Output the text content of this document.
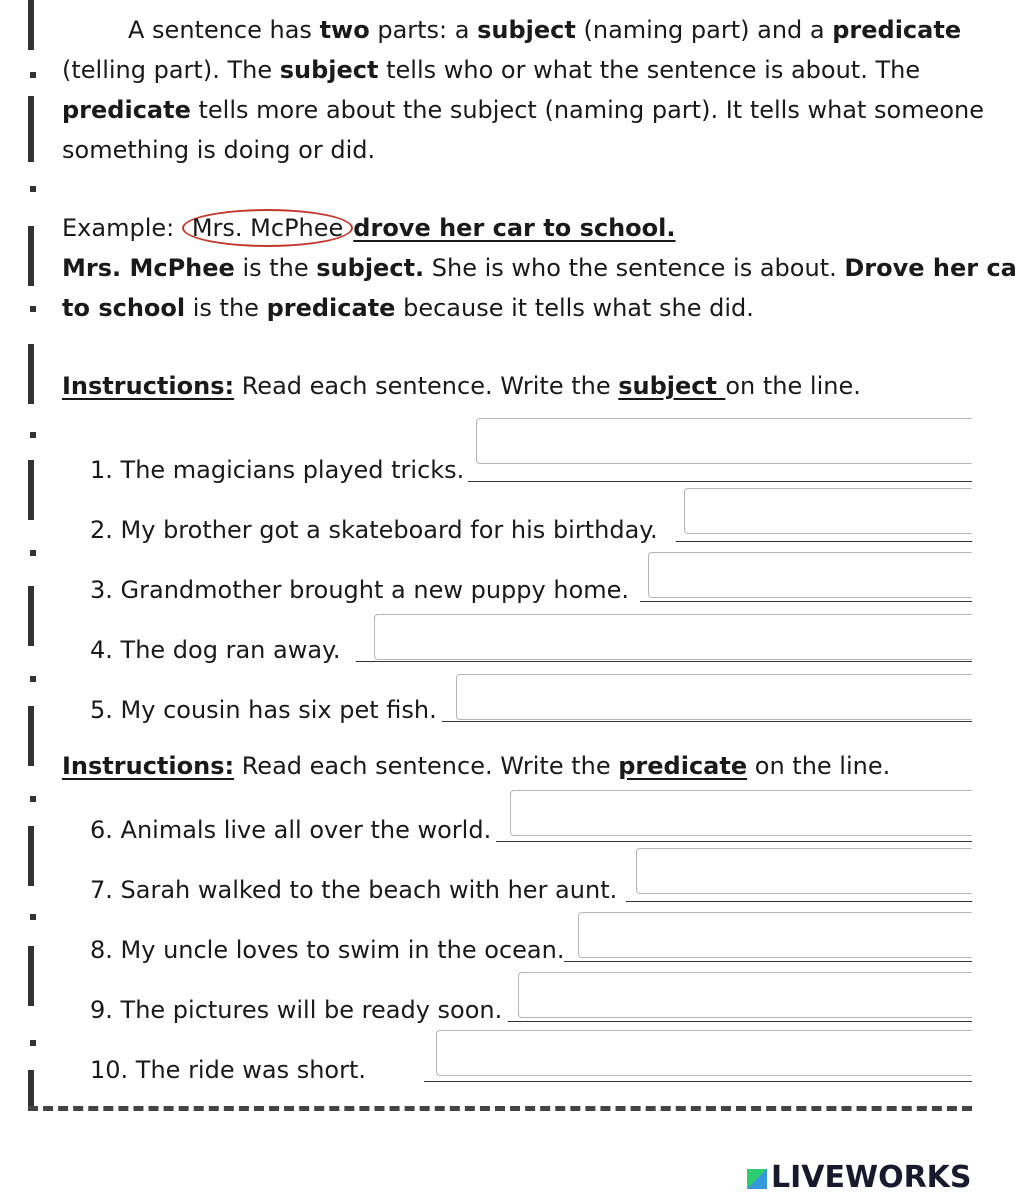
A sentence has two parts: a subject (naming part) and a predicate
(telling part). The subject tells who or what the sentence is about. The
predicate tells more about the subject (naming part). It tells what someone
something is doing or did.
Example: Mrs. McPhee drove her car to school.
Mrs. McPhee is the subject. She is who the sentence is about. Drove her ca
to school is the predicate because it tells what she did.
Instructions: Read each sentence. Write the subject on the line.
1. The magicians played tricks.
2. My brother got a skateboard for his birthday.
3. Grandmother brought a new puppy home.
4. The dog ran away.
5. My cousin has six pet fish.
Instructions: Read each sentence. Write the predicate on the line.
6. Animals live all over the world.
7. Sarah walked to the beach with her aunt.
8. My uncle loves to swim in the ocean.
9. The pictures will be ready soon.
10. The ride was short.
LIVEWORKS
